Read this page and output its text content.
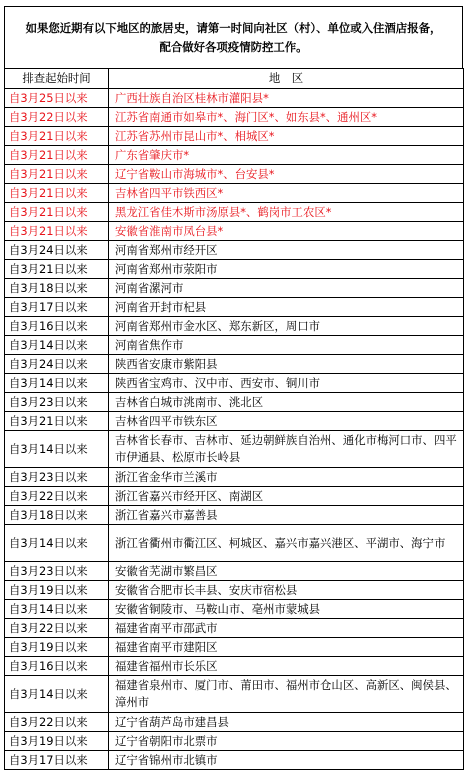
如果您近期有以下地区的旅居史，请第一时间向社区（村）、单位或入住酒店报备，
配合做好各项疫情防控工作。
排查起始时间	地　区
自3月25日以来	广西壮族自治区桂林市灌阳县*
自3月22日以来	江苏省南通市如皋市*、海门区*、如东县*、通州区*
自3月21日以来	江苏省苏州市昆山市*、相城区*
自3月21日以来	广东省肇庆市*
自3月21日以来	辽宁省鞍山市海城市*、台安县*
自3月21日以来	吉林省四平市铁西区*
自3月21日以来	黑龙江省佳木斯市汤原县*、鹤岗市工农区*
自3月21日以来	安徽省淮南市凤台县*
自3月24日以来	河南省郑州市经开区
自3月21日以来	河南省郑州市荥阳市
自3月18日以来	河南省漯河市
自3月17日以来	河南省开封市杞县
自3月16日以来	河南省郑州市金水区、郑东新区，周口市
自3月14日以来	河南省焦作市
自3月24日以来	陕西省安康市紫阳县
自3月14日以来	陕西省宝鸡市、汉中市、西安市、铜川市
自3月23日以来	吉林省白城市洮南市、洮北区
自3月21日以来	吉林省四平市铁东区
自3月14日以来	吉林省长春市、吉林市、延边朝鲜族自治州、通化市梅河口市、四平市伊通县、松原市长岭县
自3月23日以来	浙江省金华市兰溪市
自3月22日以来	浙江省嘉兴市经开区、南湖区
自3月18日以来	浙江省嘉兴市嘉善县
自3月14日以来	浙江省衢州市衢江区、柯城区、嘉兴市嘉兴港区、平湖市、海宁市
自3月23日以来	安徽省芜湖市繁昌区
自3月19日以来	安徽省合肥市长丰县、安庆市宿松县
自3月14日以来	安徽省铜陵市、马鞍山市、亳州市蒙城县
自3月22日以来	福建省南平市邵武市
自3月19日以来	福建省南平市建阳区
自3月16日以来	福建省福州市长乐区
自3月14日以来	福建省泉州市、厦门市、莆田市、福州市仓山区、高新区、闽侯县、漳州市
自3月22日以来	辽宁省葫芦岛市建昌县
自3月19日以来	辽宁省朝阳市北票市
自3月17日以来	辽宁省锦州市北镇市
